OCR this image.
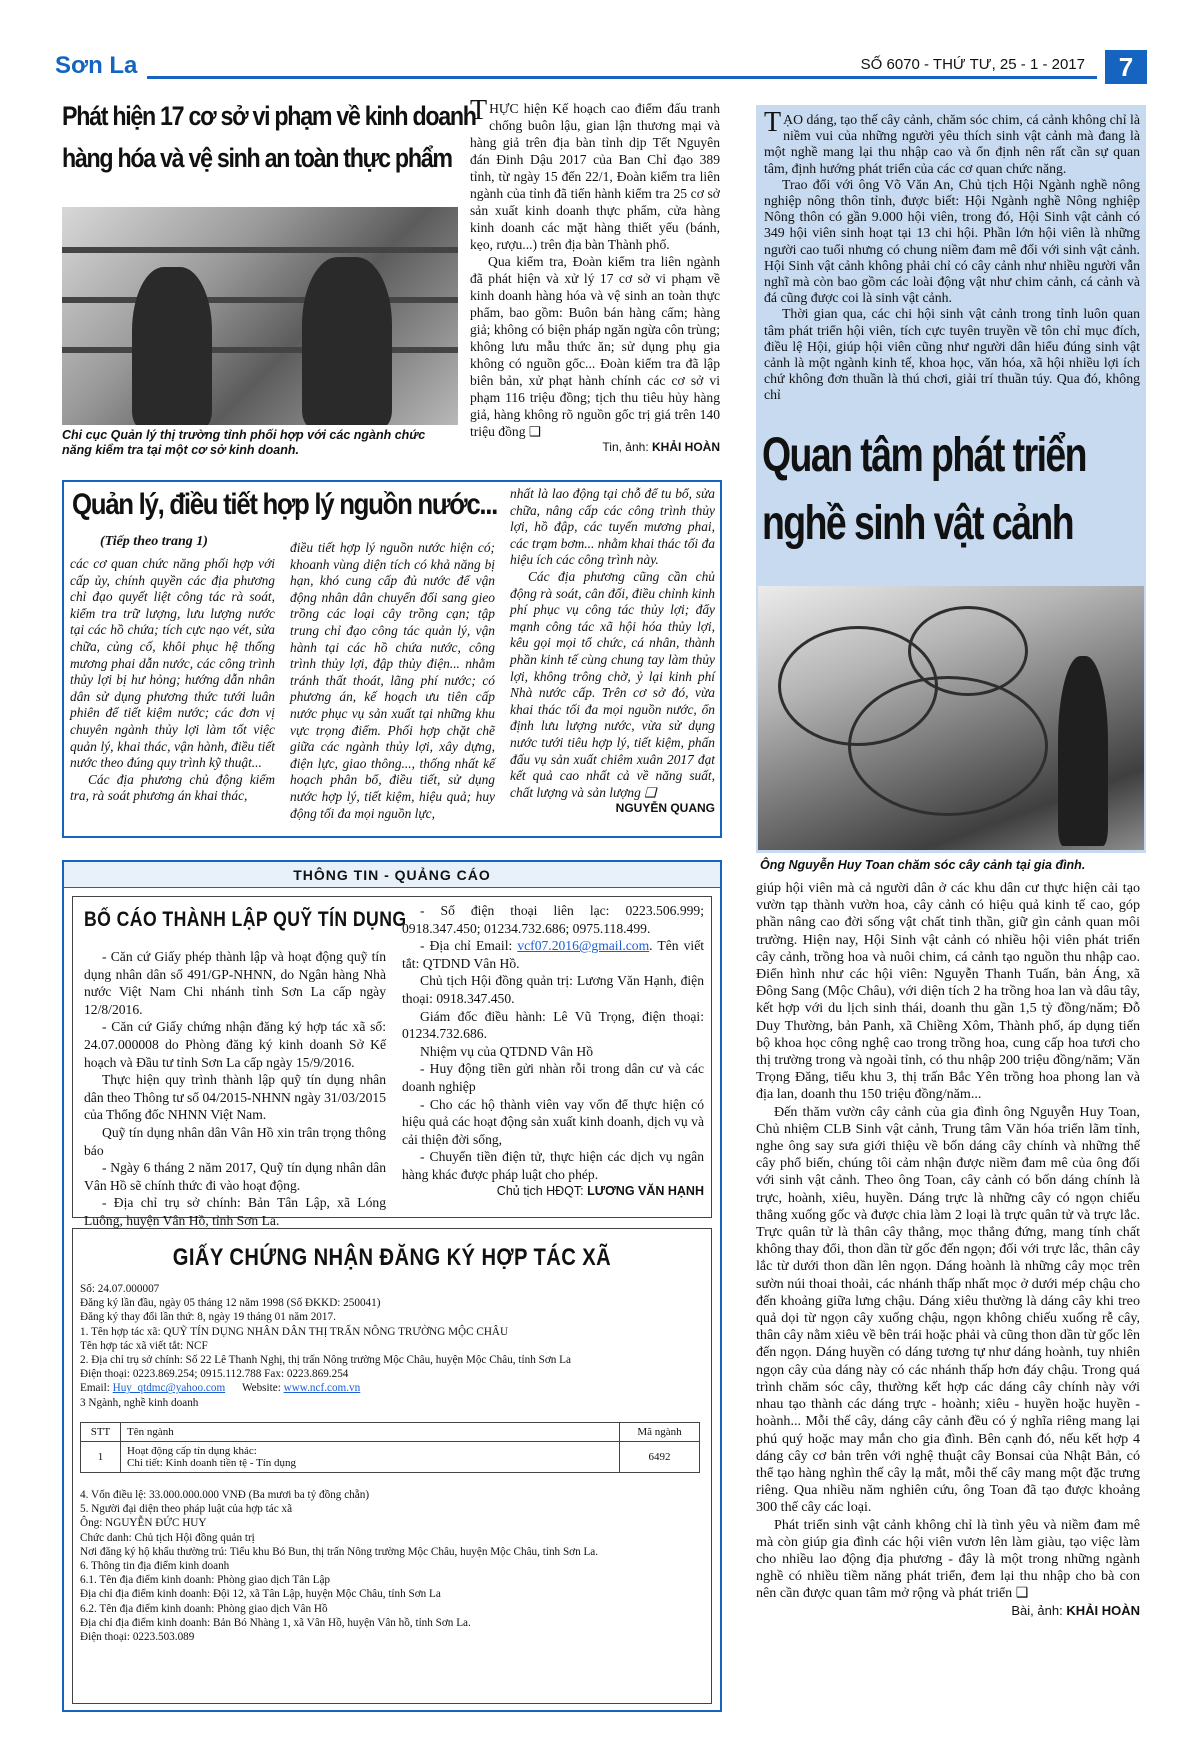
Sơn La	SỐ 6070 - THỨ TƯ, 25 - 1 - 2017	7
Phát hiện 17 cơ sở vi phạm về kinh doanh
hàng hóa và vệ sinh an toàn thực phẩm
Chi cục Quản lý thị trường tỉnh phối hợp với các ngành chức năng kiểm tra tại một cơ sở kinh doanh.

THỰC hiện Kế hoạch cao điểm đấu tranh chống buôn lậu, gian lận thương mại và hàng giả trên địa bàn tỉnh dịp Tết Nguyên đán Đinh Dậu 2017 của Ban Chỉ đạo 389 tỉnh, từ ngày 15 đến 22/1, Đoàn kiểm tra liên ngành của tỉnh đã tiến hành kiểm tra 25 cơ sở sản xuất kinh doanh thực phẩm, cửa hàng kinh doanh các mặt hàng thiết yếu (bánh, kẹo, rượu...) trên địa bàn Thành phố.

Qua kiểm tra, Đoàn kiểm tra liên ngành đã phát hiện và xử lý 17 cơ sở vi phạm về kinh doanh hàng hóa và vệ sinh an toàn thực phẩm, bao gồm: Buôn bán hàng cấm; hàng giả; không có biện pháp ngăn ngừa côn trùng; không lưu mẫu thức ăn; sử dụng phụ gia không có nguồn gốc... Đoàn kiểm tra đã lập biên bản, xử phạt hành chính các cơ sở vi phạm 116 triệu đồng; tịch thu tiêu hủy hàng giả, hàng không rõ nguồn gốc trị giá trên 140 triệu đồng ❑

Tin, ảnh: KHẢI HOÀN
Quản lý, điều tiết hợp lý nguồn nước...
(Tiếp theo trang 1)

các cơ quan chức năng phối hợp với cấp ủy, chính quyền các địa phương chỉ đạo quyết liệt công tác rà soát, kiểm tra trữ lượng, lưu lượng nước tại các hồ chứa; tích cực nạo vét, sửa chữa, củng cố, khôi phục hệ thống mương phai dẫn nước, các công trình thủy lợi bị hư hỏng; hướng dẫn nhân dân sử dụng phương thức tưới luân phiên để tiết kiệm nước; các đơn vị chuyên ngành thủy lợi làm tốt việc quản lý, khai thác, vận hành, điều tiết nước theo đúng quy trình kỹ thuật...

Các địa phương chủ động kiểm tra, rà soát phương án khai thác,

điều tiết hợp lý nguồn nước hiện có; khoanh vùng diện tích có khả năng bị hạn, khó cung cấp đủ nước để vận động nhân dân chuyển đổi sang gieo trồng các loại cây trồng cạn; tập trung chỉ đạo công tác quản lý, vận hành tại các hồ chứa nước, công trình thủy lợi, đập thủy điện... nhằm tránh thất thoát, lãng phí nước; có phương án, kế hoạch ưu tiên cấp nước phục vụ sản xuất tại những khu vực trọng điểm. Phối hợp chặt chẽ giữa các ngành thủy lợi, xây dựng, điện lực, giao thông..., thống nhất kế hoạch phân bổ, điều tiết, sử dụng nước hợp lý, tiết kiệm, hiệu quả; huy động tối đa mọi nguồn lực,

nhất là lao động tại chỗ để tu bổ, sửa chữa, nâng cấp các công trình thủy lợi, hồ đập, các tuyến mương phai, các trạm bơm... nhằm khai thác tối đa hiệu ích các công trình này.

Các địa phương cũng cần chủ động rà soát, cân đối, điều chỉnh kinh phí phục vụ công tác thủy lợi; đẩy mạnh công tác xã hội hóa thủy lợi, kêu gọi mọi tổ chức, cá nhân, thành phần kinh tế cùng chung tay làm thủy lợi, không trông chờ, ỷ lại kinh phí Nhà nước cấp. Trên cơ sở đó, vừa khai thác tối đa mọi nguồn nước, ổn định lưu lượng nước, vừa sử dụng nước tưới tiêu hợp lý, tiết kiệm, phấn đấu vụ sản xuất chiêm xuân 2017 đạt kết quả cao nhất cả về năng suất, chất lượng và sản lượng ❑

NGUYỄN QUANG
THÔNG TIN - QUẢNG CÁO
BỐ CÁO THÀNH LẬP QUỸ TÍN DỤNG

- Căn cứ Giấy phép thành lập và hoạt động quỹ tín dụng nhân dân số 491/GP-NHNN, do Ngân hàng Nhà nước Việt Nam Chi nhánh tỉnh Sơn La cấp ngày 12/8/2016.

- Căn cứ Giấy chứng nhận đăng ký hợp tác xã số: 24.07.000008 do Phòng đăng ký kinh doanh Sở Kế hoạch và Đầu tư tỉnh Sơn La cấp ngày 15/9/2016.

Thực hiện quy trình thành lập quỹ tín dụng nhân dân theo Thông tư số 04/2015-NHNN ngày 31/03/2015 của Thống đốc NHNN Việt Nam.

Quỹ tín dụng nhân dân Vân Hồ xin trân trọng thông báo

- Ngày 6 tháng 2 năm 2017, Quỹ tín dụng nhân dân Vân Hồ sẽ chính thức đi vào hoạt động.

- Địa chỉ trụ sở chính: Bản Tân Lập, xã Lóng Luông, huyện Vân Hồ, tỉnh Sơn La.

- Số điện thoại liên lạc: 0223.506.999; 0918.347.450; 01234.732.686; 0975.118.499.

- Địa chỉ Email: vcf07.2016@gmail.com. Tên viết tắt: QTDND Vân Hồ.

Chủ tịch Hội đồng quản trị: Lương Văn Hạnh, điện thoại: 0918.347.450.

Giám đốc điều hành: Lê Vũ Trọng, điện thoại: 01234.732.686.

Nhiệm vụ của QTDND Vân Hồ

- Huy động tiền gửi nhàn rỗi trong dân cư và các doanh nghiệp

- Cho các hộ thành viên vay vốn để thực hiện có hiệu quả các hoạt động sản xuất kinh doanh, dịch vụ và cải thiện đời sống,

- Chuyển tiền điện tử, thực hiện các dịch vụ ngân hàng khác được pháp luật cho phép.

Chủ tịch HĐQT: LƯƠNG VĂN HẠNH
GIẤY CHỨNG NHẬN ĐĂNG KÝ HỢP TÁC XÃ

Số: 24.07.000007

Đăng ký lần đầu, ngày 05 tháng 12 năm 1998 (Số ĐKKD: 250041)

Đăng ký thay đổi lần thứ: 8, ngày 19 tháng 01 năm 2017.

1. Tên hợp tác xã: QUỸ TÍN DỤNG NHÂN DÂN THỊ TRẤN NÔNG TRƯỜNG MỘC CHÂU

Tên hợp tác xã viết tắt: NCF

2. Địa chỉ trụ sở chính: Số 22 Lê Thanh Nghị, thị trấn Nông trường Mộc Châu, huyện Mộc Châu, tỉnh Sơn La

Điện thoại: 0223.869.254; 0915.112.788 Fax: 0223.869.254

Email: Huy_qtdmc@yahoo.com Website: www.ncf.com.vn

3 Ngành, nghề kinh doanh

STT	Tên ngành	Mã ngành
1	Hoạt động cấp tín dụng khác:
Chi tiết: Kinh doanh tiền tệ - Tín dụng	6492

4. Vốn điều lệ: 33.000.000.000 VNĐ (Ba mươi ba tỷ đồng chẵn)

5. Người đại diện theo pháp luật của hợp tác xã

Ông: NGUYỄN ĐỨC HUY

Chức danh: Chủ tịch Hội đồng quản trị

Nơi đăng ký hộ khẩu thường trú: Tiểu khu Bó Bun, thị trấn Nông trường Mộc Châu, huyện Mộc Châu, tỉnh Sơn La.

6. Thông tin địa điểm kinh doanh

6.1. Tên địa điểm kinh doanh: Phòng giao dịch Tân Lập

Địa chỉ địa điểm kinh doanh: Đội 12, xã Tân Lập, huyện Mộc Châu, tỉnh Sơn La

6.2. Tên địa điểm kinh doanh: Phòng giao dịch Vân Hồ

Địa chỉ địa điểm kinh doanh: Bản Bó Nhàng 1, xã Vân Hồ, huyện Vân hồ, tỉnh Sơn La.

Điện thoại: 0223.503.089

TẠO dáng, tạo thế cây cảnh, chăm sóc chim, cá cảnh không chỉ là niềm vui của những người yêu thích sinh vật cảnh mà đang là một nghề mang lại thu nhập cao và ổn định nên rất cần sự quan tâm, định hướng phát triển của các cơ quan chức năng.

Trao đổi với ông Võ Văn An, Chủ tịch Hội Ngành nghề nông nghiệp nông thôn tỉnh, được biết: Hội Ngành nghề Nông nghiệp Nông thôn có gần 9.000 hội viên, trong đó, Hội Sinh vật cảnh có 349 hội viên sinh hoạt tại 13 chi hội. Phần lớn hội viên là những người cao tuổi nhưng có chung niềm đam mê đối với sinh vật cảnh. Hội Sinh vật cảnh không phải chỉ có cây cảnh như nhiều người vẫn nghĩ mà còn bao gồm các loài động vật như chim cảnh, cá cảnh và đá cũng được coi là sinh vật cảnh.

Thời gian qua, các chi hội sinh vật cảnh trong tỉnh luôn quan tâm phát triển hội viên, tích cực tuyên truyền về tôn chỉ mục đích, điều lệ Hội, giúp hội viên cũng như người dân hiểu đúng sinh vật cảnh là một ngành kinh tế, khoa học, văn hóa, xã hội nhiều lợi ích chứ không đơn thuần là thú chơi, giải trí thuần túy. Qua đó, không chỉ

Quan tâm phát triển
nghề sinh vật cảnh
Ông Nguyễn Huy Toan chăm sóc cây cảnh tại gia đình.

giúp hội viên mà cả người dân ở các khu dân cư thực hiện cải tạo vườn tạp thành vườn hoa, cây cảnh có hiệu quả kinh tế cao, góp phần nâng cao đời sống vật chất tinh thần, giữ gìn cảnh quan môi trường. Hiện nay, Hội Sinh vật cảnh có nhiều hội viên phát triển cây cảnh, trồng hoa và nuôi chim, cá cảnh tạo nguồn thu nhập cao. Điển hình như các hội viên: Nguyễn Thanh Tuấn, bản Áng, xã Đông Sang (Mộc Châu), với diện tích 2 ha trồng hoa lan và dâu tây, kết hợp với du lịch sinh thái, doanh thu gần 1,5 tỷ đồng/năm; Đỗ Duy Thường, bản Panh, xã Chiềng Xôm, Thành phố, áp dụng tiến bộ khoa học công nghệ cao trong trồng hoa, cung cấp hoa tươi cho thị trường trong và ngoài tỉnh, có thu nhập 200 triệu đồng/năm; Văn Trọng Đăng, tiểu khu 3, thị trấn Bắc Yên trồng hoa phong lan và địa lan, doanh thu 150 triệu đồng/năm...

Đến thăm vườn cây cảnh của gia đình ông Nguyễn Huy Toan, Chủ nhiệm CLB Sinh vật cảnh, Trung tâm Văn hóa triển lãm tỉnh, nghe ông say sưa giới thiệu về bốn dáng cây chính và những thế cây phổ biến, chúng tôi cảm nhận được niềm đam mê của ông đối với sinh vật cảnh. Theo ông Toan, cây cảnh có bốn dáng chính là trực, hoành, xiêu, huyền. Dáng trực là những cây có ngọn chiếu thẳng xuống gốc và được chia làm 2 loại là trực quân tử và trực lắc. Trực quân tử là thân cây thẳng, mọc thẳng đứng, mang tính chất không thay đổi, thon dần từ gốc đến ngọn; đối với trực lắc, thân cây lắc từ dưới thon dần lên ngọn. Dáng hoành là những cây mọc trên sườn núi thoai thoải, các nhánh thấp nhất mọc ở dưới mép chậu cho đến khoảng giữa lưng chậu. Dáng xiêu thường là dáng cây khi treo quả dọi từ ngọn cây xuống chậu, ngọn không chiếu xuống rễ cây, thân cây nằm xiêu về bên trái hoặc phải và cũng thon dần từ gốc lên đến ngọn. Dáng huyền có dáng tương tự như dáng hoành, tuy nhiên ngọn cây của dáng này có các nhánh thấp hơn đáy chậu. Trong quá trình chăm sóc cây, thường kết hợp các dáng cây chính này với nhau tạo thành các dáng trực - hoành; xiêu - huyền hoặc huyền - hoành... Mỗi thế cây, dáng cây cảnh đều có ý nghĩa riêng mang lại phú quý hoặc may mắn cho gia đình. Bên cạnh đó, nếu kết hợp 4 dáng cây cơ bản trên với nghệ thuật cây Bonsai của Nhật Bản, có thể tạo hàng nghìn thế cây lạ mắt, mỗi thế cây mang một đặc trưng riêng. Qua nhiều năm nghiên cứu, ông Toan đã tạo được khoảng 300 thế cây các loại.

Phát triển sinh vật cảnh không chỉ là tình yêu và niềm đam mê mà còn giúp gia đình các hội viên vươn lên làm giàu, tạo việc làm cho nhiều lao động địa phương - đây là một trong những ngành nghề có nhiều tiềm năng phát triển, đem lại thu nhập cho bà con nên cần được quan tâm mở rộng và phát triển ❑

Bài, ảnh: KHẢI HOÀN
